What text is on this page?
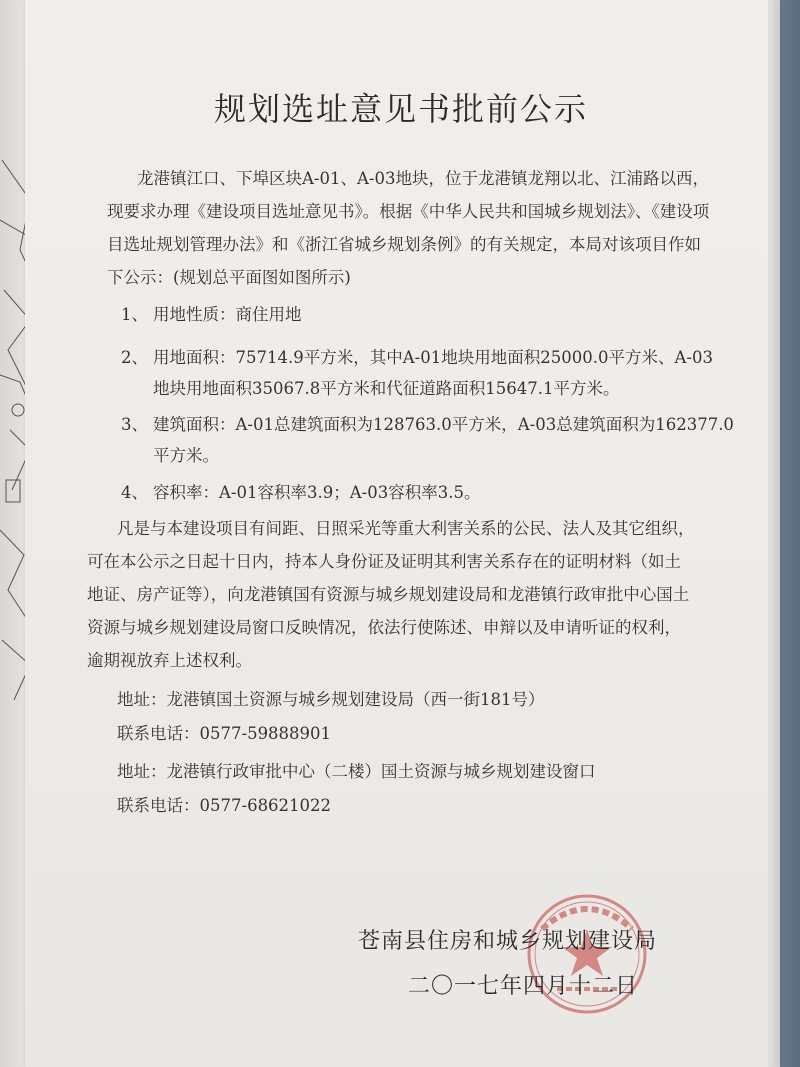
规划选址意见书批前公示
龙港镇江口、下埠区块A-01、A-03地块，位于龙港镇龙翔以北、江浦路以西，
现要求办理《建设项目选址意见书》。根据《中华人民共和国城乡规划法》、《建设项
目选址规划管理办法》和《浙江省城乡规划条例》的有关规定，本局对该项目作如
下公示：(规划总平面图如图所示)
1、 用地性质：商住用地
2、 用地面积：75714.9平方米，其中A-01地块用地面积25000.0平方米、A-03
地块用地面积35067.8平方米和代征道路面积15647.1平方米。
3、 建筑面积：A-01总建筑面积为128763.0平方米，A-03总建筑面积为162377.0
平方米。
4、 容积率：A-01容积率3.9；A-03容积率3.5。
凡是与本建设项目有间距、日照采光等重大利害关系的公民、法人及其它组织，
可在本公示之日起十日内，持本人身份证及证明其利害关系存在的证明材料（如土
地证、房产证等），向龙港镇国有资源与城乡规划建设局和龙港镇行政审批中心国土
资源与城乡规划建设局窗口反映情况，依法行使陈述、申辩以及申请听证的权利，
逾期视放弃上述权利。
地址：龙港镇国土资源与城乡规划建设局（西一街181号）
联系电话：0577-59888901
地址：龙港镇行政审批中心（二楼）国土资源与城乡规划建设窗口
联系电话：0577-68621022
苍南县住房和城乡规划建设局
二〇一七年四月十二日
